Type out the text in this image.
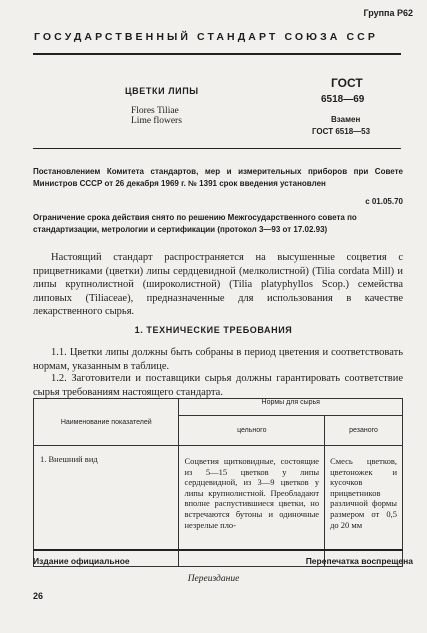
Группа Р62
ГОСУДАРСТВЕННЫЙ СТАНДАРТ СОЮЗА ССР
ЦВЕТКИ ЛИПЫ
Flores Tiliae
Lime flowers
ГОСТ
6518—69
Взамен
ГОСТ 6518—53
Постановлением Комитета стандартов, мер и измерительных приборов при Совете Министров СССР от 26 декабря 1969 г. № 1391 срок введения установлен
с 01.05.70
Ограничение срока действия снято по решению Межгосударственного совета по стандартизации, метрологии и сертификации (протокол 3—93 от 17.02.93)
Настоящий стандарт распространяется на высушенные соцветия с прицветниками (цветки) липы сердцевидной (мелколистной) (Tilia cordata Mill) и липы крупнолистной (широколистной) (Tilia platyphyllos Scop.) семейства липовых (Tiliaceae), предназначенные для использования в качестве лекарственного сырья.
1. ТЕХНИЧЕСКИЕ ТРЕБОВАНИЯ
1.1. Цветки липы должны быть собраны в период цветения и соответствовать нормам, указанным в таблице.
1.2. Заготовители и поставщики сырья должны гарантировать соответствие сырья требованиям настоящего стандарта.
Наименование показателей	Нормы для сырья	
	цельного	резаного
1. Внешний вид	Соцветия щитковидные, состоящие из 5—15 цветков у липы сердцевидной, из 3—9 цветков у липы крупнолистной. Преобладают вполне распустившиеся цветки, но встречаются бутоны и одиночные незрелые пло-	Смесь цветков, цветоножек и кусочков прицветников различной формы размером от 0,5 до 20 мм
Издание официальное	Перепечатка воспрещена
Переиздание
26
